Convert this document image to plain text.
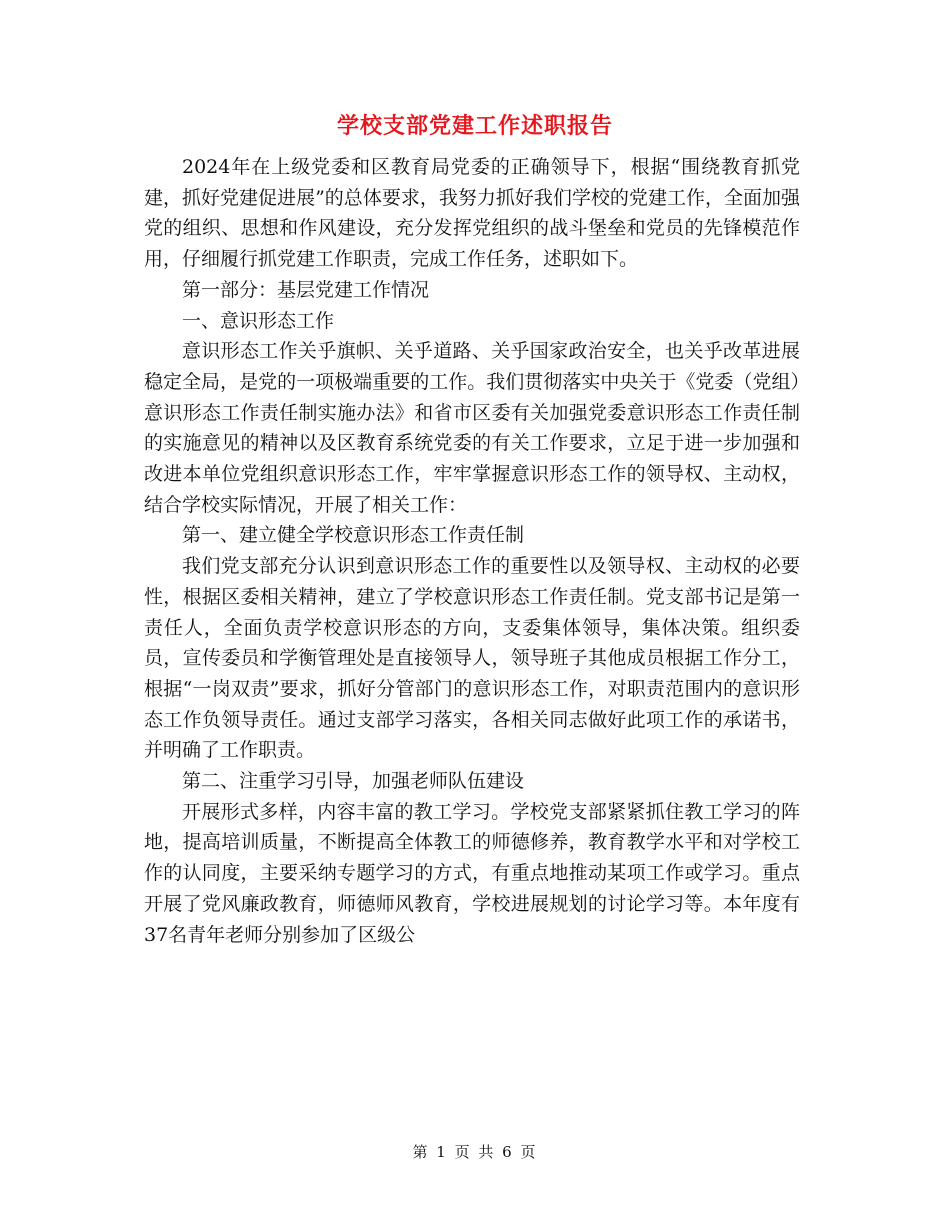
学校支部党建工作述职报告

2024年在上级党委和区教育局党委的正确领导下，根据“围绕教育抓党建，抓好党建促进展”的总体要求，我努力抓好我们学校的党建工作，全面加强党的组织、思想和作风建设，充分发挥党组织的战斗堡垒和党员的先锋模范作用，仔细履行抓党建工作职责，完成工作任务，述职如下。

第一部分：基层党建工作情况

一、意识形态工作

意识形态工作关乎旗帜、关乎道路、关乎国家政治安全，也关乎改革进展稳定全局，是党的一项极端重要的工作。我们贯彻落实中央关于《党委（党组）意识形态工作责任制实施办法》和省市区委有关加强党委意识形态工作责任制的实施意见的精神以及区教育系统党委的有关工作要求，立足于进一步加强和改进本单位党组织意识形态工作，牢牢掌握意识形态工作的领导权、主动权，结合学校实际情况，开展了相关工作：

第一、建立健全学校意识形态工作责任制

我们党支部充分认识到意识形态工作的重要性以及领导权、主动权的必要性，根据区委相关精神，建立了学校意识形态工作责任制。党支部书记是第一责任人，全面负责学校意识形态的方向，支委集体领导，集体决策。组织委员，宣传委员和学衡管理处是直接领导人，领导班子其他成员根据工作分工，根据“一岗双责”要求，抓好分管部门的意识形态工作，对职责范围内的意识形态工作负领导责任。通过支部学习落实，各相关同志做好此项工作的承诺书，并明确了工作职责。

第二、注重学习引导，加强老师队伍建设

开展形式多样，内容丰富的教工学习。学校党支部紧紧抓住教工学习的阵地，提高培训质量，不断提高全体教工的师德修养，教育教学水平和对学校工作的认同度，主要采纳专题学习的方式，有重点地推动某项工作或学习。重点开展了党风廉政教育，师德师风教育，学校进展规划的讨论学习等。本年度有37名青年老师分别参加了区级公

第 1 页 共 6 页
